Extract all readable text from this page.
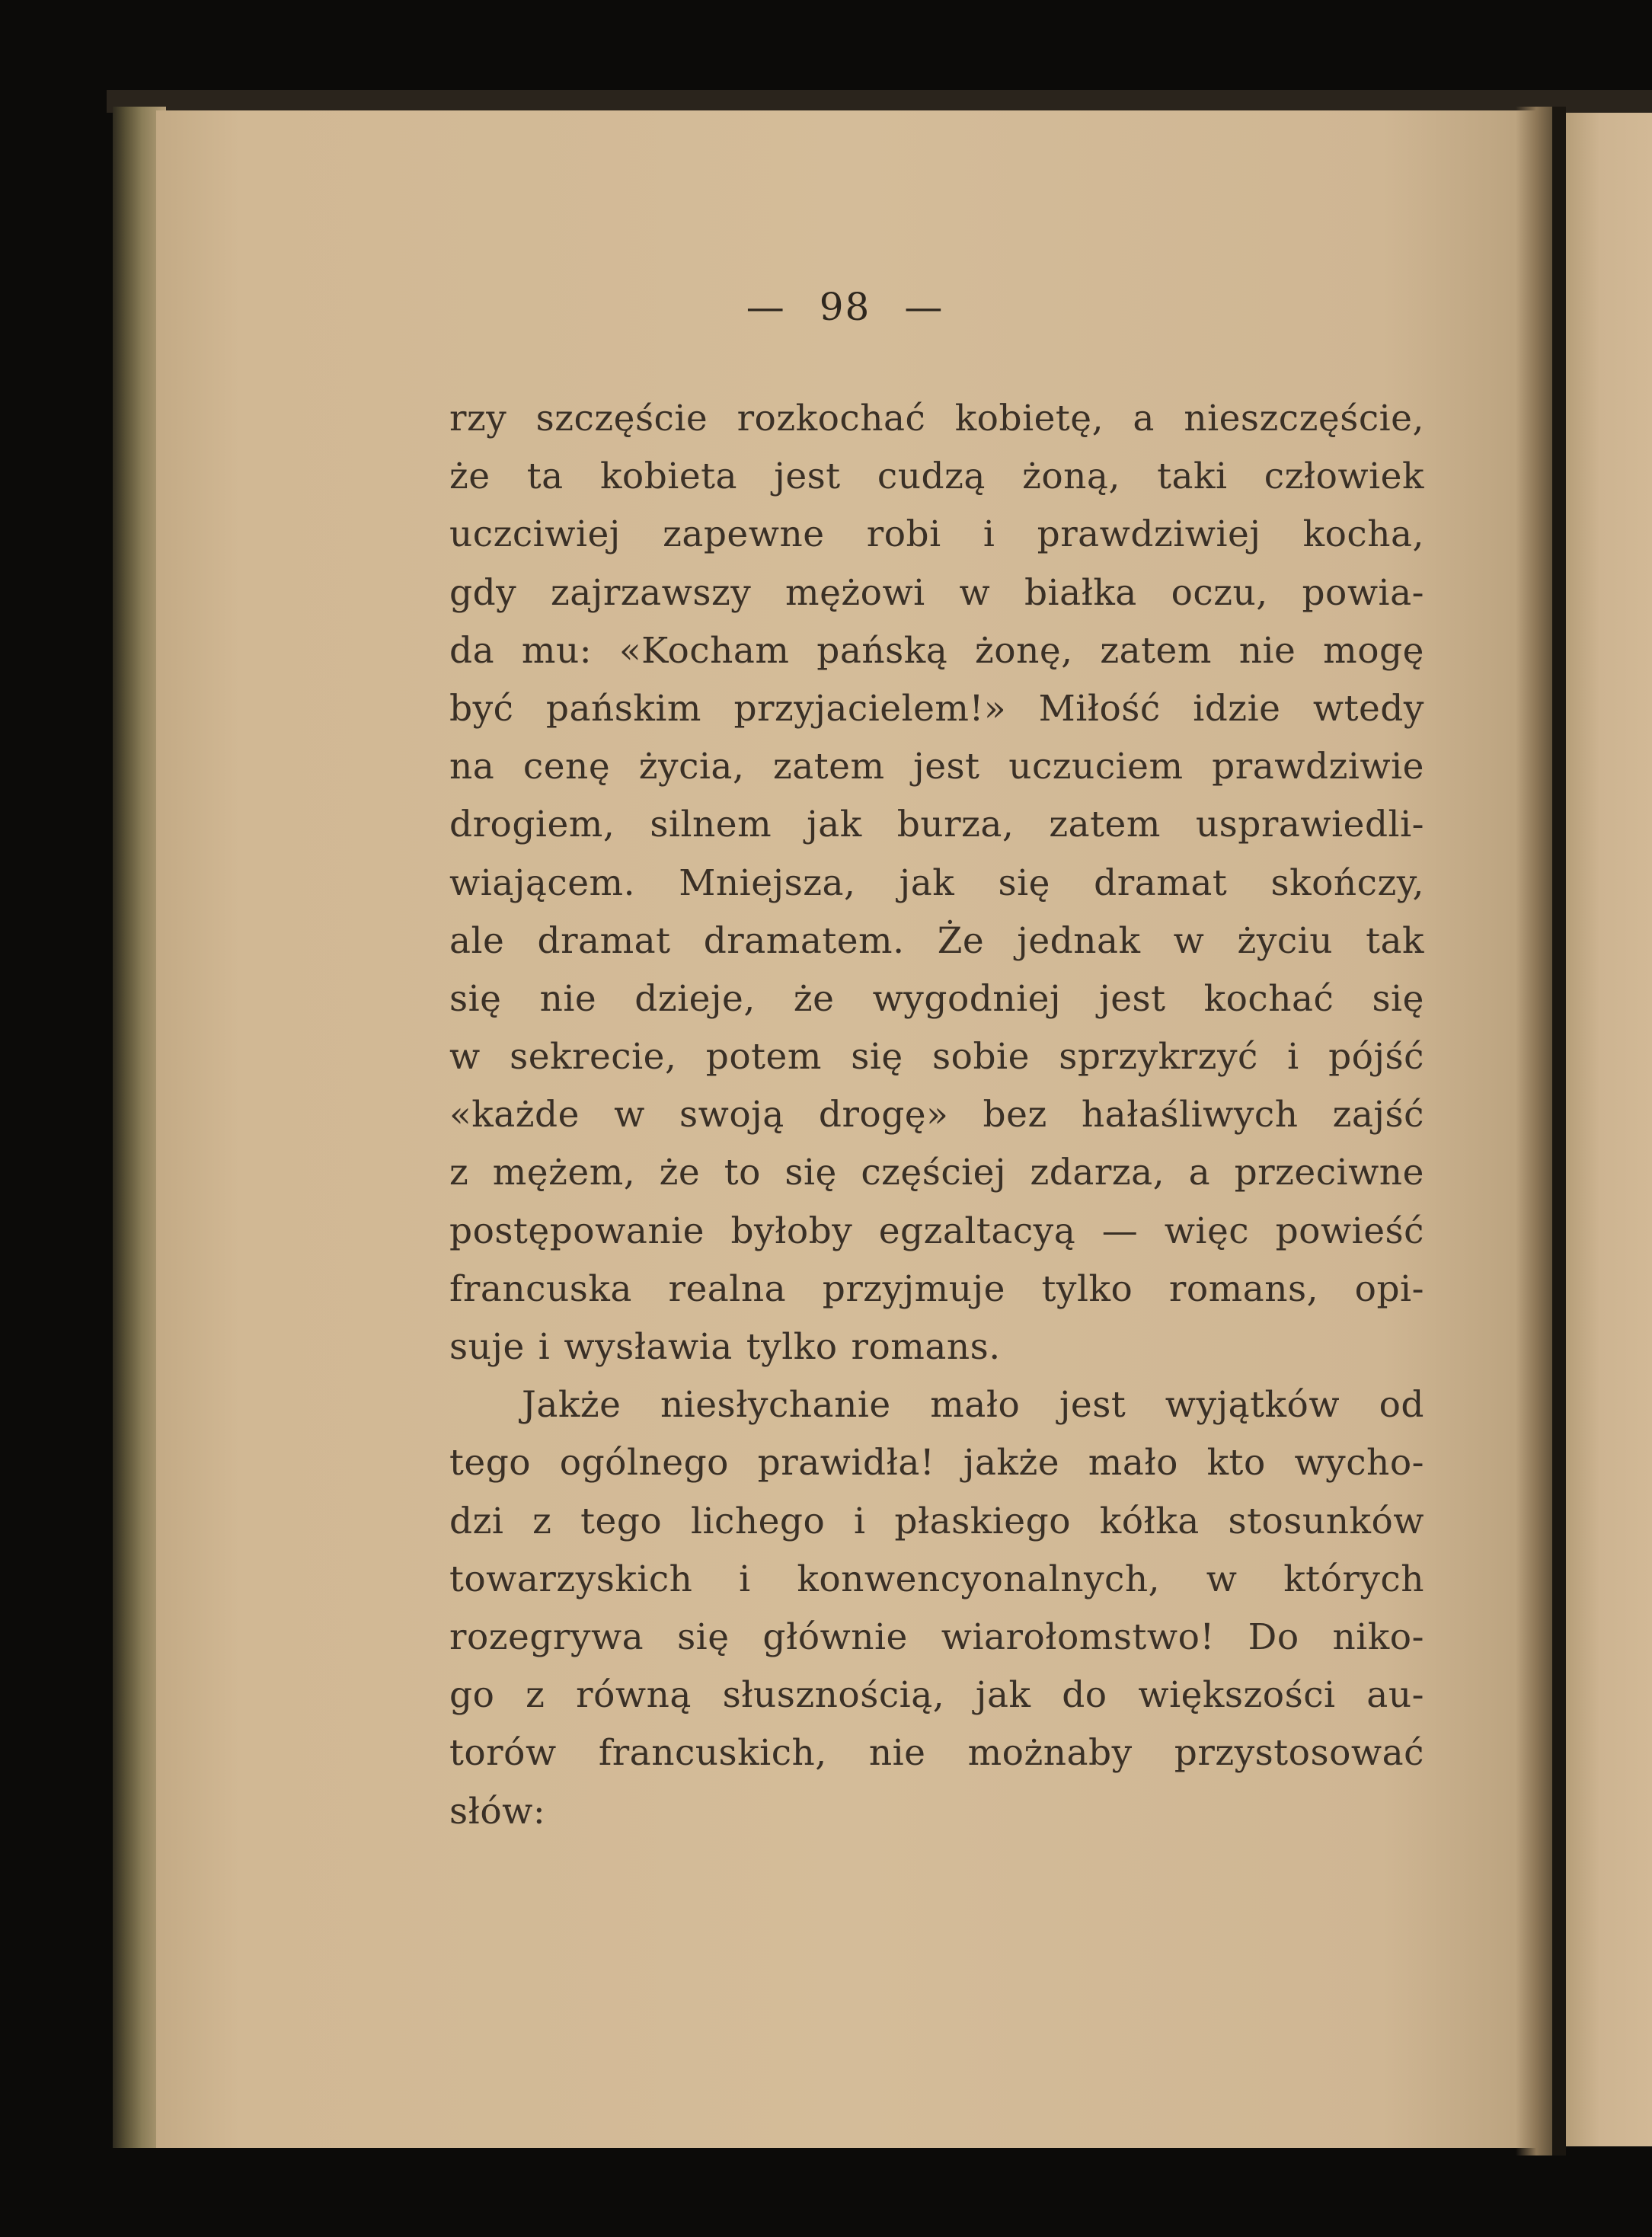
— 98 —
rzy szczęście rozkochać kobietę, a nieszczęście,
że ta kobieta jest cudzą żoną, taki człowiek
uczciwiej zapewne robi i prawdziwiej kocha,
gdy zajrzawszy mężowi w białka oczu, powia-
da mu: «Kocham pańską żonę, zatem nie mogę
być pańskim przyjacielem!» Miłość idzie wtedy
na cenę życia, zatem jest uczuciem prawdziwie
drogiem, silnem jak burza, zatem usprawiedli-
wiającem. Mniejsza, jak się dramat skończy,
ale dramat dramatem. Że jednak w życiu tak
się nie dzieje, że wygodniej jest kochać się
w sekrecie, potem się sobie sprzykrzyć i pójść
«każde w swoją drogę» bez hałaśliwych zajść
z mężem, że to się częściej zdarza, a przeciwne
postępowanie byłoby egzaltacyą — więc powieść
francuska realna przyjmuje tylko romans, opi-
suje i wysławia tylko romans.
Jakże niesłychanie mało jest wyjątków od
tego ogólnego prawidła! jakże mało kto wycho-
dzi z tego lichego i płaskiego kółka stosunków
towarzyskich i konwencyonalnych, w których
rozegrywa się głównie wiarołomstwo! Do niko-
go z równą słusznością, jak do większości au-
torów francuskich, nie możnaby przystosować
słów:
